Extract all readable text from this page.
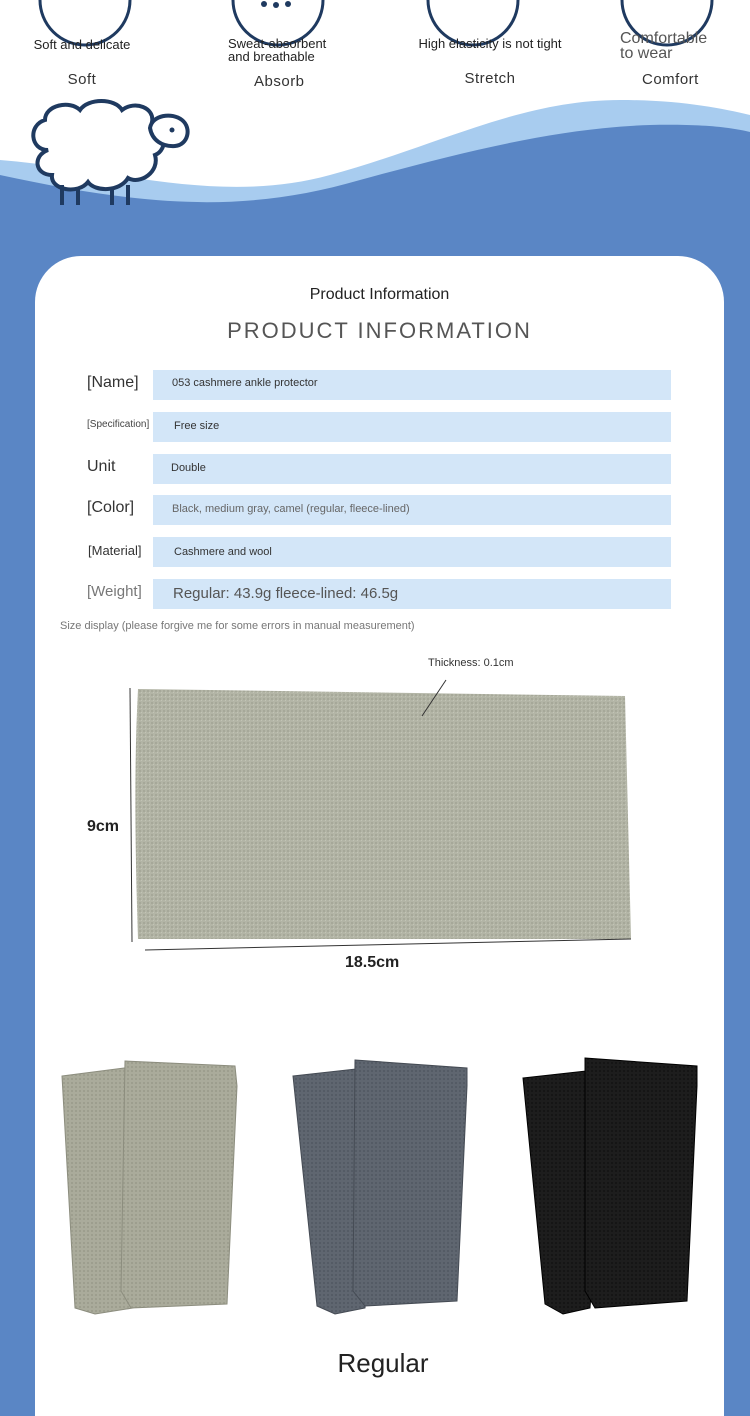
Soft and delicate
Soft
Sweat-absorbent
and breathable
Absorb
High elasticity is not tight
Stretch
Comfortable
to wear
Comfort
Product Information
PRODUCT INFORMATION
[Name]	053 cashmere ankle protector
[Specification] Free size
Unit	Double
[Color]	Black, medium gray, camel (regular, fleece-lined)
[Material]	Cashmere and wool
[Weight] Regular: 43.9g fleece-lined: 46.5g
Size display (please forgive me for some errors in manual measurement)
Thickness: 0.1cm
9cm
18.5cm
Regular
